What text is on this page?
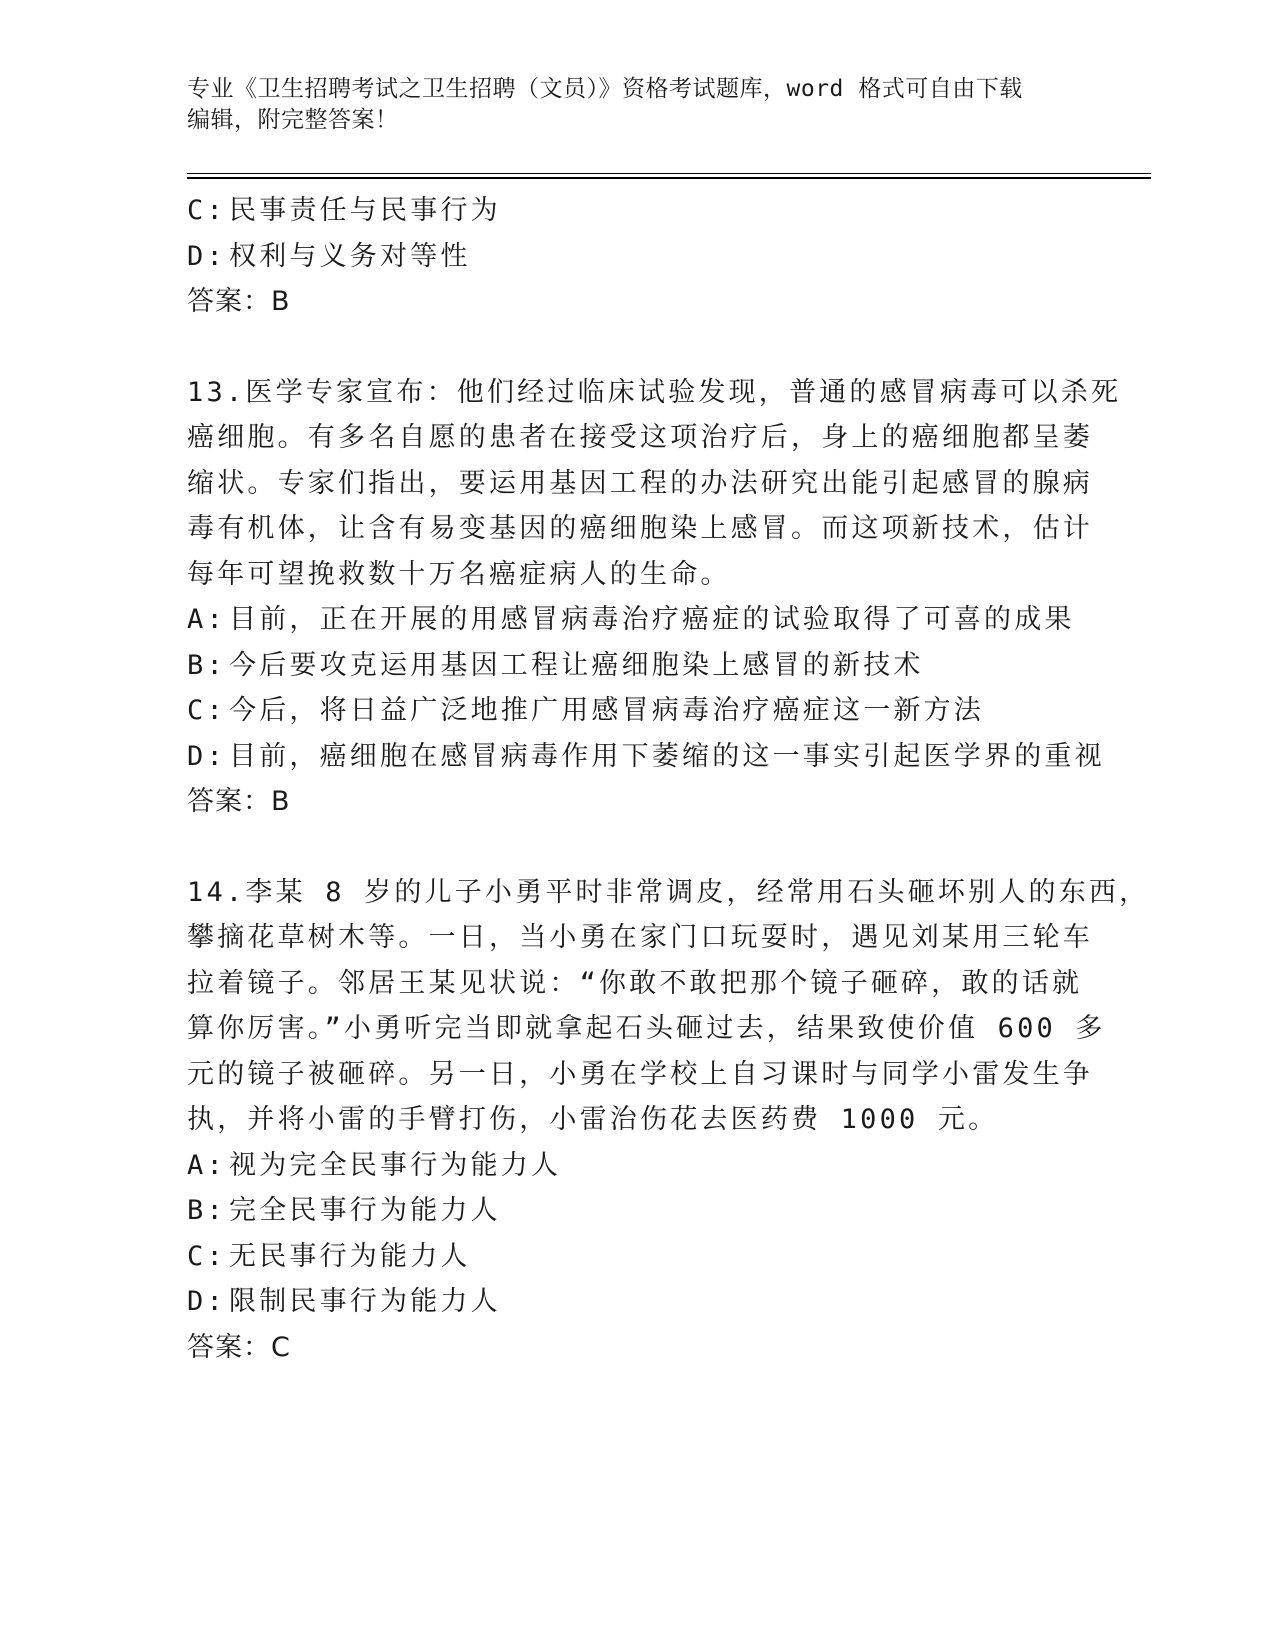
专业《卫生招聘考试之卫生招聘（文员）》资格考试题库，word 格式可自由下载
编辑，附完整答案！
C: 民事责任与民事行为
D: 权利与义务对等性
答案：B
13.医学专家宣布：他们经过临床试验发现，普通的感冒病毒可以杀死
癌细胞。有多名自愿的患者在接受这项治疗后，身上的癌细胞都呈萎
缩状。专家们指出，要运用基因工程的办法研究出能引起感冒的腺病
毒有机体，让含有易变基因的癌细胞染上感冒。而这项新技术，估计
每年可望挽救数十万名癌症病人的生命。
A: 目前，正在开展的用感冒病毒治疗癌症的试验取得了可喜的成果
B: 今后要攻克运用基因工程让癌细胞染上感冒的新技术
C: 今后，将日益广泛地推广用感冒病毒治疗癌症这一新方法
D: 目前，癌细胞在感冒病毒作用下萎缩的这一事实引起医学界的重视
答案：B
14.李某 8 岁的儿子小勇平时非常调皮，经常用石头砸坏别人的东西，
攀摘花草树木等。一日，当小勇在家门口玩耍时，遇见刘某用三轮车
拉着镜子。邻居王某见状说：“你敢不敢把那个镜子砸碎，敢的话就
算你厉害。”小勇听完当即就拿起石头砸过去，结果致使价值 600 多
元的镜子被砸碎。另一日，小勇在学校上自习课时与同学小雷发生争
执，并将小雷的手臂打伤，小雷治伤花去医药费 1000 元。
A: 视为完全民事行为能力人
B: 完全民事行为能力人
C: 无民事行为能力人
D: 限制民事行为能力人
答案：C
